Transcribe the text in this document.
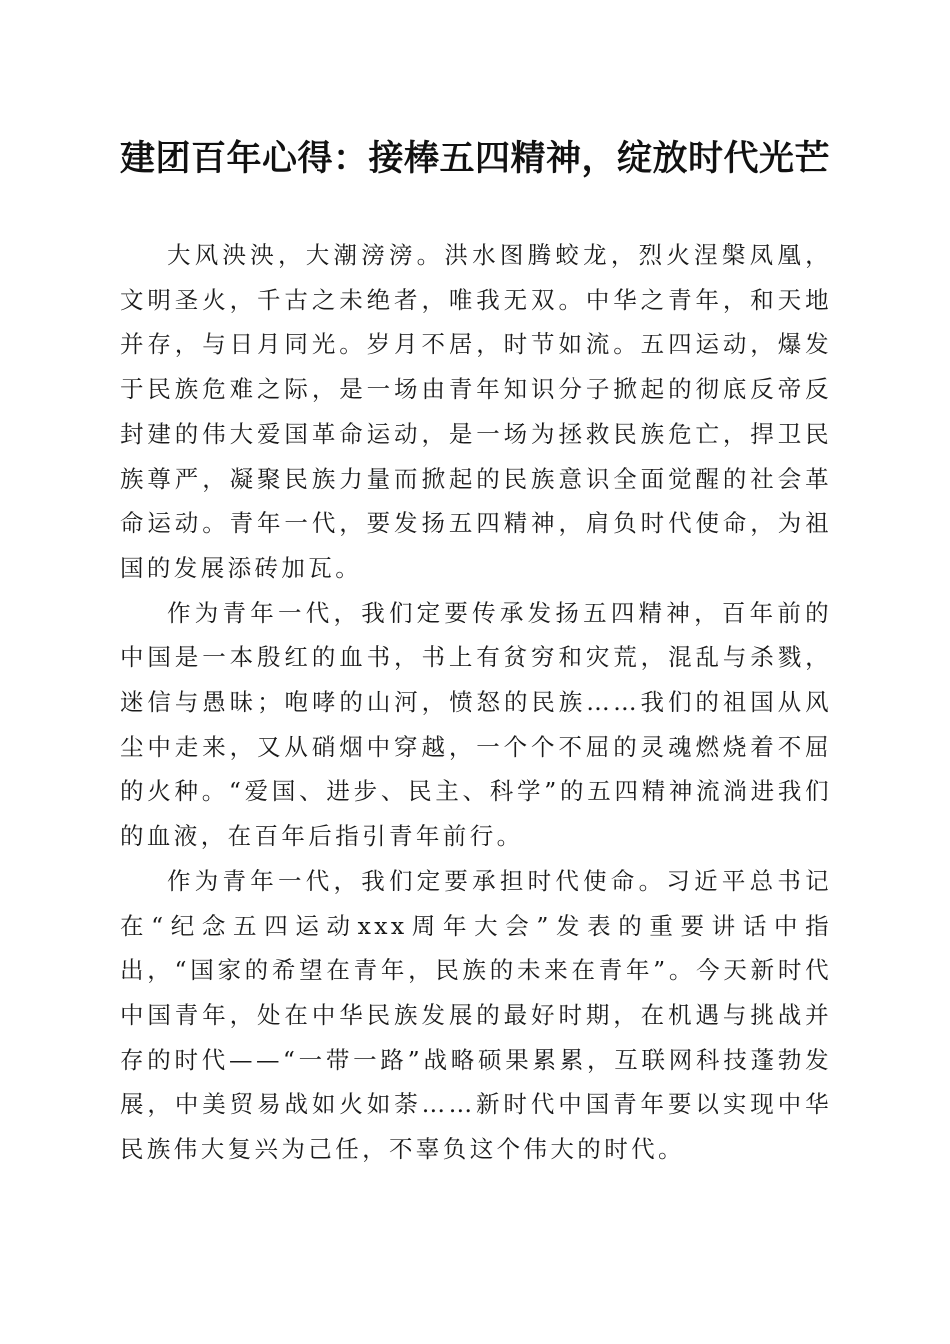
建团百年心得：接棒五四精神，绽放时代光芒

大风泱泱，大潮滂滂。洪水图腾蛟龙，烈火涅槃凤凰，文明圣火，千古之未绝者，唯我无双。中华之青年，和天地并存，与日月同光。岁月不居，时节如流。五四运动，爆发于民族危难之际，是一场由青年知识分子掀起的彻底反帝反封建的伟大爱国革命运动，是一场为拯救民族危亡，捍卫民族尊严，凝聚民族力量而掀起的民族意识全面觉醒的社会革命运动。青年一代，要发扬五四精神，肩负时代使命，为祖国的发展添砖加瓦。

作为青年一代，我们定要传承发扬五四精神，百年前的中国是一本殷红的血书，书上有贫穷和灾荒，混乱与杀戮，迷信与愚昧；咆哮的山河，愤怒的民族……我们的祖国从风尘中走来，又从硝烟中穿越，一个个不屈的灵魂燃烧着不屈的火种。“爱国、进步、民主、科学”的五四精神流淌进我们的血液，在百年后指引青年前行。

作为青年一代，我们定要承担时代使命。习近平总书记在“纪念五四运动xxx周年大会”发表的重要讲话中指出，“国家的希望在青年，民族的未来在青年”。今天新时代中国青年，处在中华民族发展的最好时期，在机遇与挑战并存的时代——“一带一路”战略硕果累累，互联网科技蓬勃发展，中美贸易战如火如荼……新时代中国青年要以实现中华民族伟大复兴为己任，不辜负这个伟大的时代。
